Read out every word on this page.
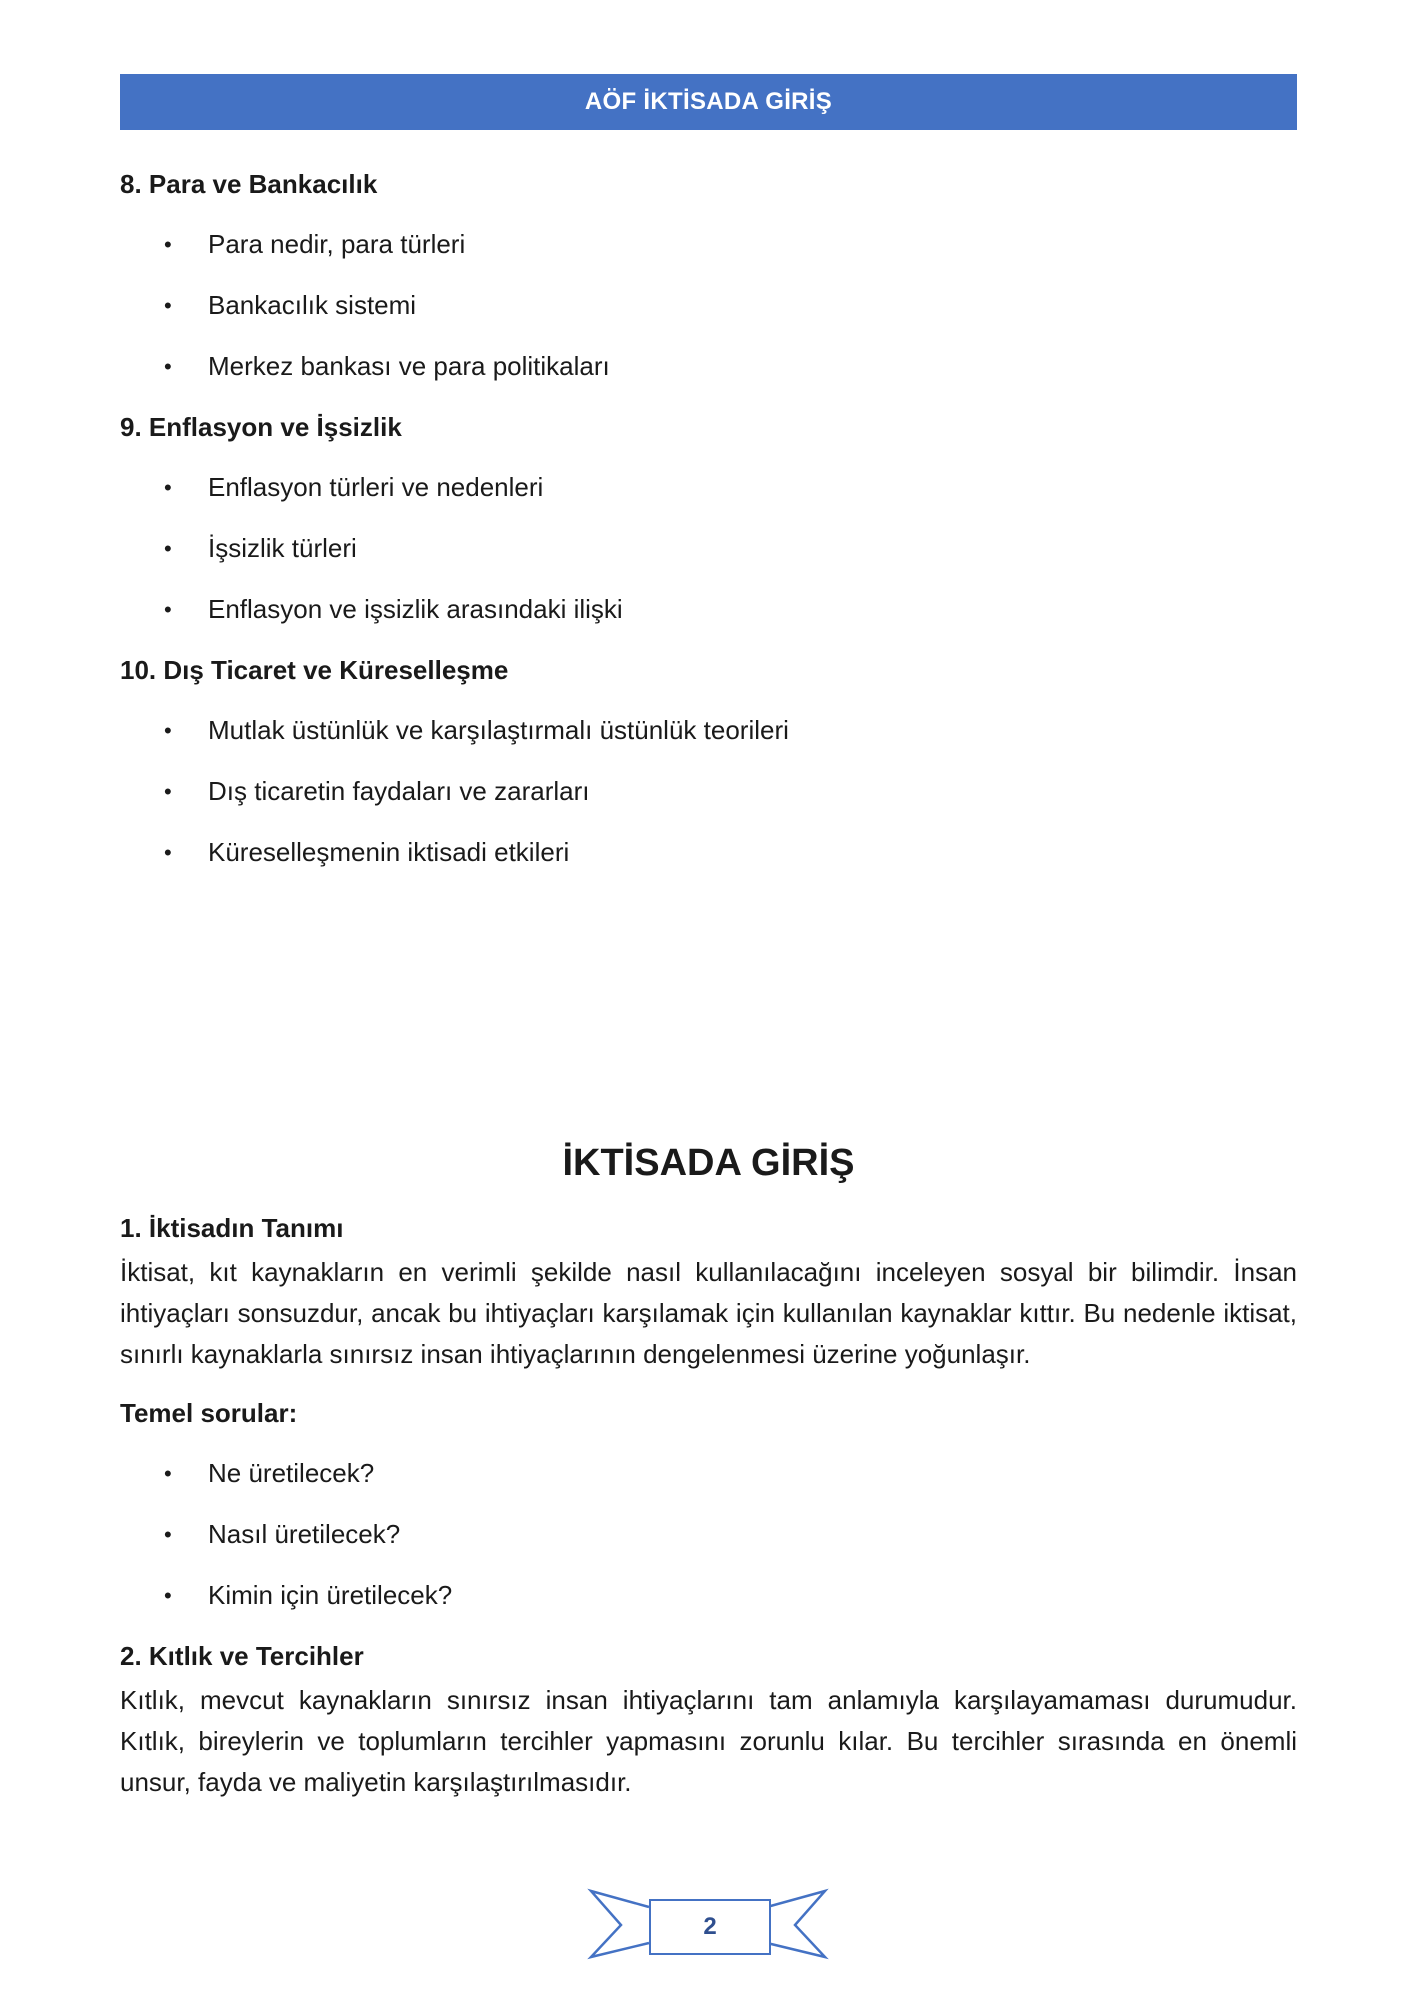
AÖF İKTİSADA GİRİŞ

8. Para ve Bankacılık

• Para nedir, para türleri
• Bankacılık sistemi
• Merkez bankası ve para politikaları

9. Enflasyon ve İşsizlik

• Enflasyon türleri ve nedenleri
• İşsizlik türleri
• Enflasyon ve işsizlik arasındaki ilişki

10. Dış Ticaret ve Küreselleşme

• Mutlak üstünlük ve karşılaştırmalı üstünlük teorileri
• Dış ticaretin faydaları ve zararları
• Küreselleşmenin iktisadi etkileri
İKTİSADA GİRİŞ

1. İktisadın Tanımı

İktisat, kıt kaynakların en verimli şekilde nasıl kullanılacağını inceleyen sosyal bir bilimdir. İnsan ihtiyaçları sonsuzdur, ancak bu ihtiyaçları karşılamak için kullanılan kaynaklar kıttır. Bu nedenle iktisat, sınırlı kaynaklarla sınırsız insan ihtiyaçlarının dengelenmesi üzerine yoğunlaşır.

Temel sorular:

• Ne üretilecek?
• Nasıl üretilecek?
• Kimin için üretilecek?

2. Kıtlık ve Tercihler

Kıtlık, mevcut kaynakların sınırsız insan ihtiyaçlarını tam anlamıyla karşılayamaması durumudur. Kıtlık, bireylerin ve toplumların tercihler yapmasını zorunlu kılar. Bu tercihler sırasında en önemli unsur, fayda ve maliyetin karşılaştırılmasıdır.

2
